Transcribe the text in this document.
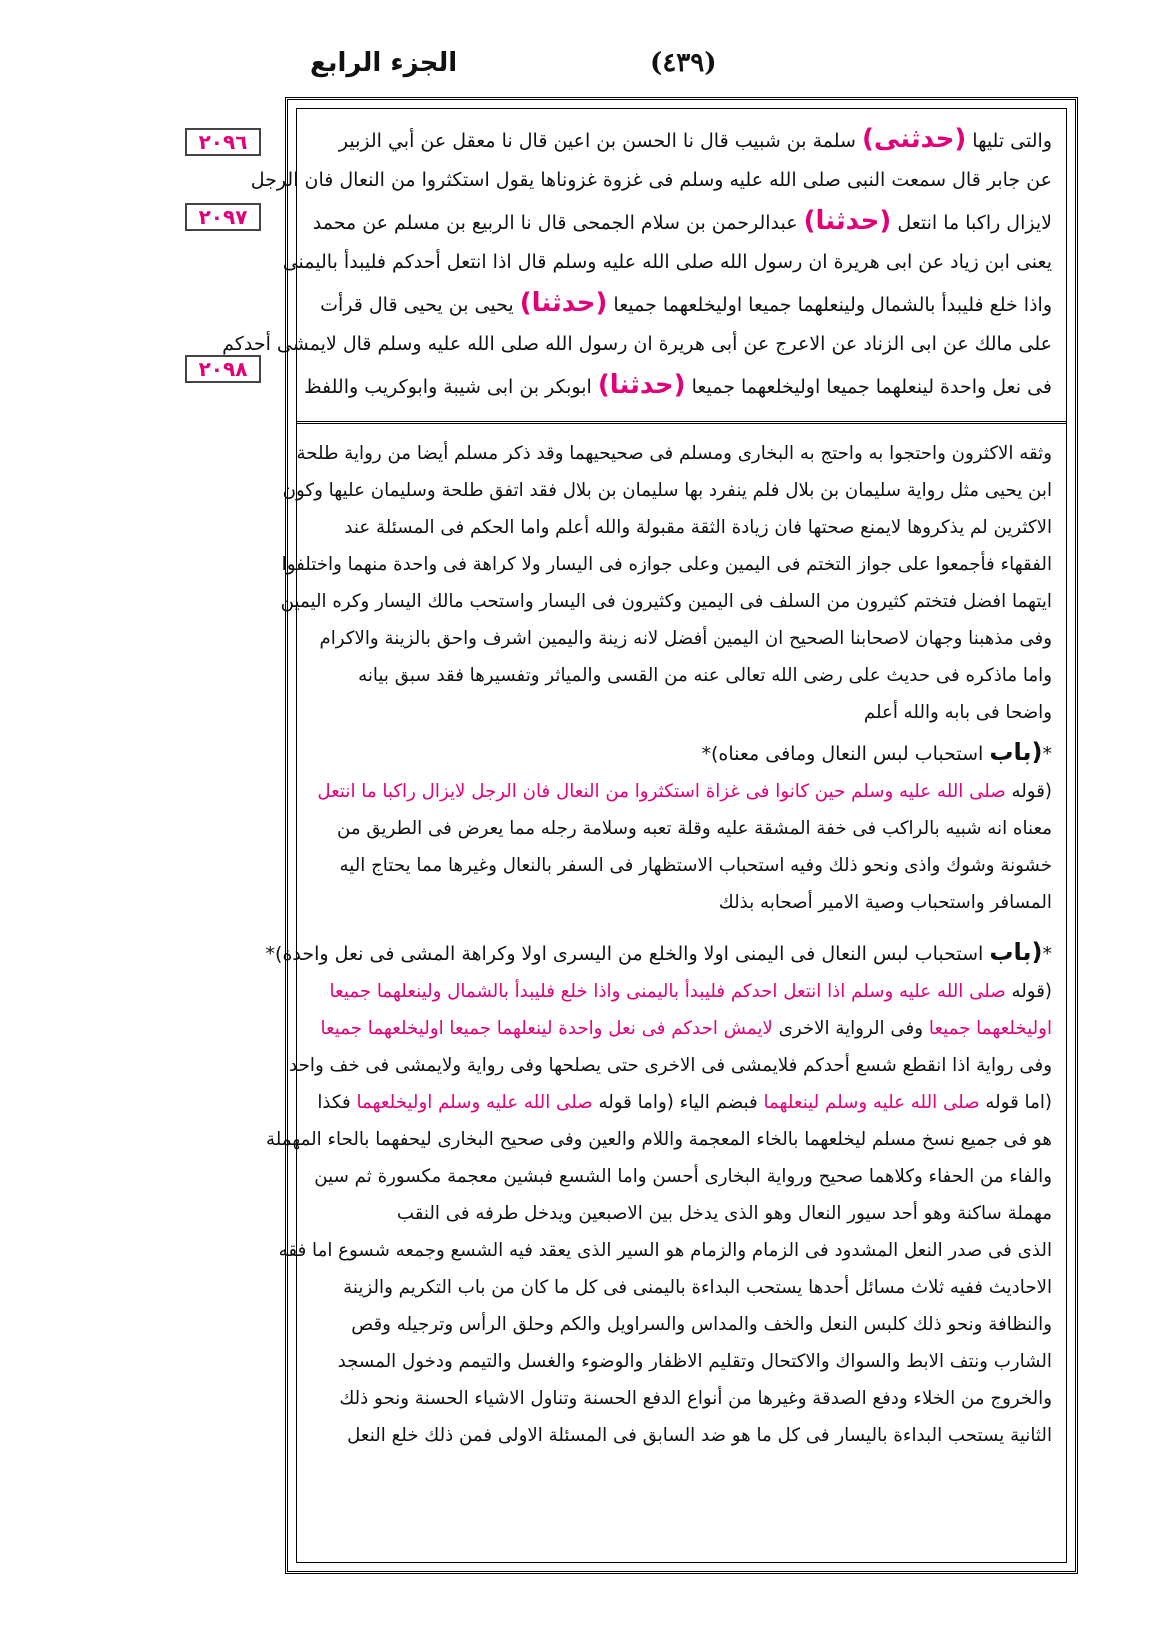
الجزء الرابع	(٤٣٩)
٢٠٩٦
٢٠٩٧
٢٠٩٨
والتى تليها (حدثنى) سلمة بن شبيب قال نا الحسن بن اعين قال نا معقل عن أبي الزبير
عن جابر قال سمعت النبى صلى الله عليه وسلم فى غزوة غزوناها يقول استكثروا من النعال فان الرجل
لايزال راكبا ما انتعل (حدثنا) عبدالرحمن بن سلام الجمحى قال نا الربيع بن مسلم عن محمد
يعنى ابن زياد عن ابى هريرة ان رسول الله صلى الله عليه وسلم قال اذا انتعل أحدكم فليبدأ باليمنى
واذا خلع فليبدأ بالشمال ولينعلهما جميعا اوليخلعهما جميعا (حدثنا) يحيى بن يحيى قال قرأت
على مالك عن ابى الزناد عن الاعرج عن أبى هريرة ان رسول الله صلى الله عليه وسلم قال لايمشى أحدكم
فى نعل واحدة لينعلهما جميعا اوليخلعهما جميعا (حدثنا) ابوبكر بن ابى شيبة وابوكريب واللفظ
وثقه الاكثرون واحتجوا به واحتج به البخارى ومسلم فى صحيحيهما وقد ذكر مسلم أيضا من رواية طلحة
ابن يحيى مثل رواية سليمان بن بلال فلم ينفرد بها سليمان بن بلال فقد اتفق طلحة وسليمان عليها وكون
الاكثرين لم يذكروها لايمنع صحتها فان زيادة الثقة مقبولة والله أعلم واما الحكم فى المسئلة عند
الفقهاء فأجمعوا على جواز التختم فى اليمين وعلى جوازه فى اليسار ولا كراهة فى واحدة منهما واختلفوا
ايتهما افضل فتختم كثيرون من السلف فى اليمين وكثيرون فى اليسار واستحب مالك اليسار وكره اليمين
وفى مذهبنا وجهان لاصحابنا الصحيح ان اليمين أفضل لانه زينة واليمين اشرف واحق بالزينة والاكرام
واما ماذكره فى حديث على رضى الله تعالى عنه من القسى والمياثر وتفسيرها فقد سبق بيانه
واضحا فى بابه والله أعلم
*(باب استحباب لبس النعال ومافى معناه)*
(قوله صلى الله عليه وسلم حين كانوا فى غزاة استكثروا من النعال فان الرجل لايزال راكبا ما انتعل
معناه انه شبيه بالراكب فى خفة المشقة عليه وقلة تعبه وسلامة رجله مما يعرض فى الطريق من
خشونة وشوك واذى ونحو ذلك وفيه استحباب الاستظهار فى السفر بالنعال وغيرها مما يحتاج اليه
المسافر واستحباب وصية الامير أصحابه بذلك
*(باب استحباب لبس النعال فى اليمنى اولا والخلع من اليسرى اولا وكراهة المشى فى نعل واحدة)*
(قوله صلى الله عليه وسلم اذا انتعل احدكم فليبدأ باليمنى واذا خلع فليبدأ بالشمال ولينعلهما جميعا
اوليخلعهما جميعا وفى الرواية الاخرى لايمش احدكم فى نعل واحدة لينعلهما جميعا اوليخلعهما جميعا
وفى رواية اذا انقطع شسع أحدكم فلايمشى فى الاخرى حتى يصلحها وفى رواية ولايمشى فى خف واحد
(اما قوله صلى الله عليه وسلم لينعلهما فبضم الياء (واما قوله صلى الله عليه وسلم اوليخلعهما فكذا
هو فى جميع نسخ مسلم ليخلعهما بالخاء المعجمة واللام والعين وفى صحيح البخارى ليحفهما بالحاء المهملة
والفاء من الحفاء وكلاهما صحيح ورواية البخارى أحسن واما الشسع فبشين معجمة مكسورة ثم سين
مهملة ساكنة وهو أحد سيور النعال وهو الذى يدخل بين الاصبعين ويدخل طرفه فى النقب
الذى فى صدر النعل المشدود فى الزمام والزمام هو السير الذى يعقد فيه الشسع وجمعه شسوع اما فقه
الاحاديث ففيه ثلاث مسائل أحدها يستحب البداءة باليمنى فى كل ما كان من باب التكريم والزينة
والنظافة ونحو ذلك كلبس النعل والخف والمداس والسراويل والكم وحلق الرأس وترجيله وقص
الشارب ونتف الابط والسواك والاكتحال وتقليم الاظفار والوضوء والغسل والتيمم ودخول المسجد
والخروج من الخلاء ودفع الصدقة وغيرها من أنواع الدفع الحسنة وتناول الاشياء الحسنة ونحو ذلك
الثانية يستحب البداءة باليسار فى كل ما هو ضد السابق فى المسئلة الاولى فمن ذلك خلع النعل
